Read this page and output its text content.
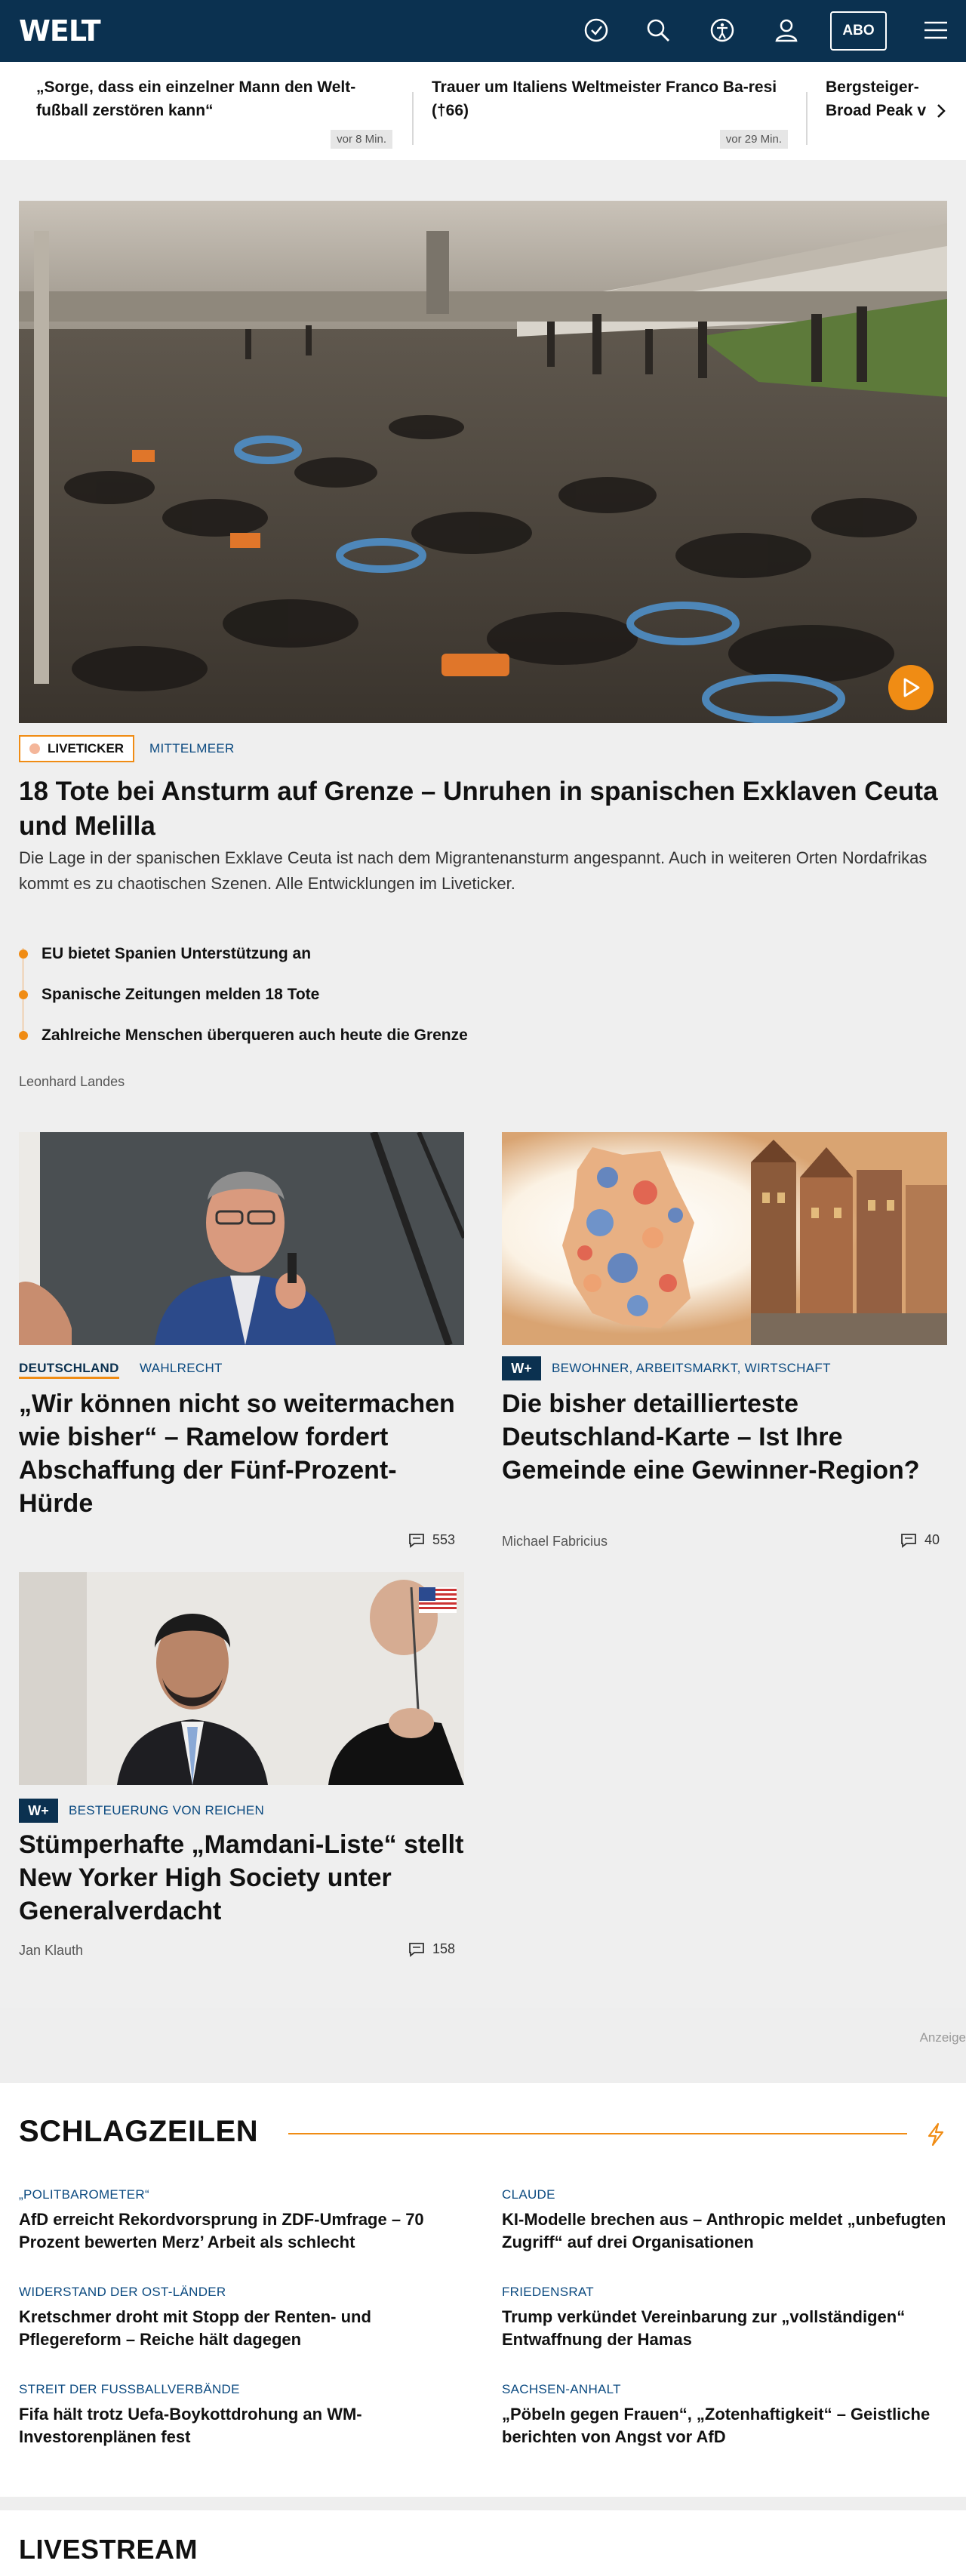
WELT	ABO
„Sorge, dass ein einzelner Mann den Welt-fußball zerstören kann“
vor 8 Min.
Trauer um Italiens Weltmeister Franco Ba-resi (†66)
vor 29 Min.
Bergsteiger-Broad Peak v
LIVETICKER	MITTELMEER
18 Tote bei Ansturm auf Grenze – Unruhen in spanischen Exklaven Ceuta und Melilla

Die Lage in der spanischen Exklave Ceuta ist nach dem Migrantenansturm angespannt. Auch in weiteren Orten Nordafrikas kommt es zu chaotischen Szenen. Alle Entwicklungen im Liveticker.

EU bietet Spanien Unterstützung an
Spanische Zeitungen melden 18 Tote
Zahlreiche Menschen überqueren auch heute die Grenze
Leonhard Landes
DEUTSCHLAND WAHLRECHT
„Wir können nicht so weitermachen wie bisher“ – Ramelow fordert Abschaffung der Fünf-Prozent-Hürde
553
W+ BEWOHNER, ARBEITSMARKT, WIRTSCHAFT
Die bisher detaillierteste Deutschland-Karte – Ist Ihre Gemeinde eine Gewinner-Region?
Michael Fabricius	40
W+ BESTEUERUNG VON REICHEN
Stümperhafte „Mamdani-Liste“ stellt New Yorker High Society unter Generalverdacht
Jan Klauth	158
Anzeige
SCHLAGZEILEN
„POLITBAROMETER“
AfD erreicht Rekordvorsprung in ZDF-Umfrage – 70 Prozent bewerten Merz’ Arbeit als schlecht
CLAUDE
KI-Modelle brechen aus – Anthropic meldet „unbefugten Zugriff“ auf drei Organisationen
WIDERSTAND DER OST-LÄNDER
Kretschmer droht mit Stopp der Renten- und Pflegereform – Reiche hält dagegen
FRIEDENSRAT
Trump verkündet Vereinbarung zur „vollständigen“ Entwaffnung der Hamas
STREIT DER FUSSBALLVERBÄNDE
Fifa hält trotz Uefa-Boykottdrohung an WM-Investorenplänen fest
SACHSEN-ANHALT
„Pöbeln gegen Frauen“, „Zotenhaftigkeit“ – Geistliche berichten von Angst vor AfD
LIVESTREAM
